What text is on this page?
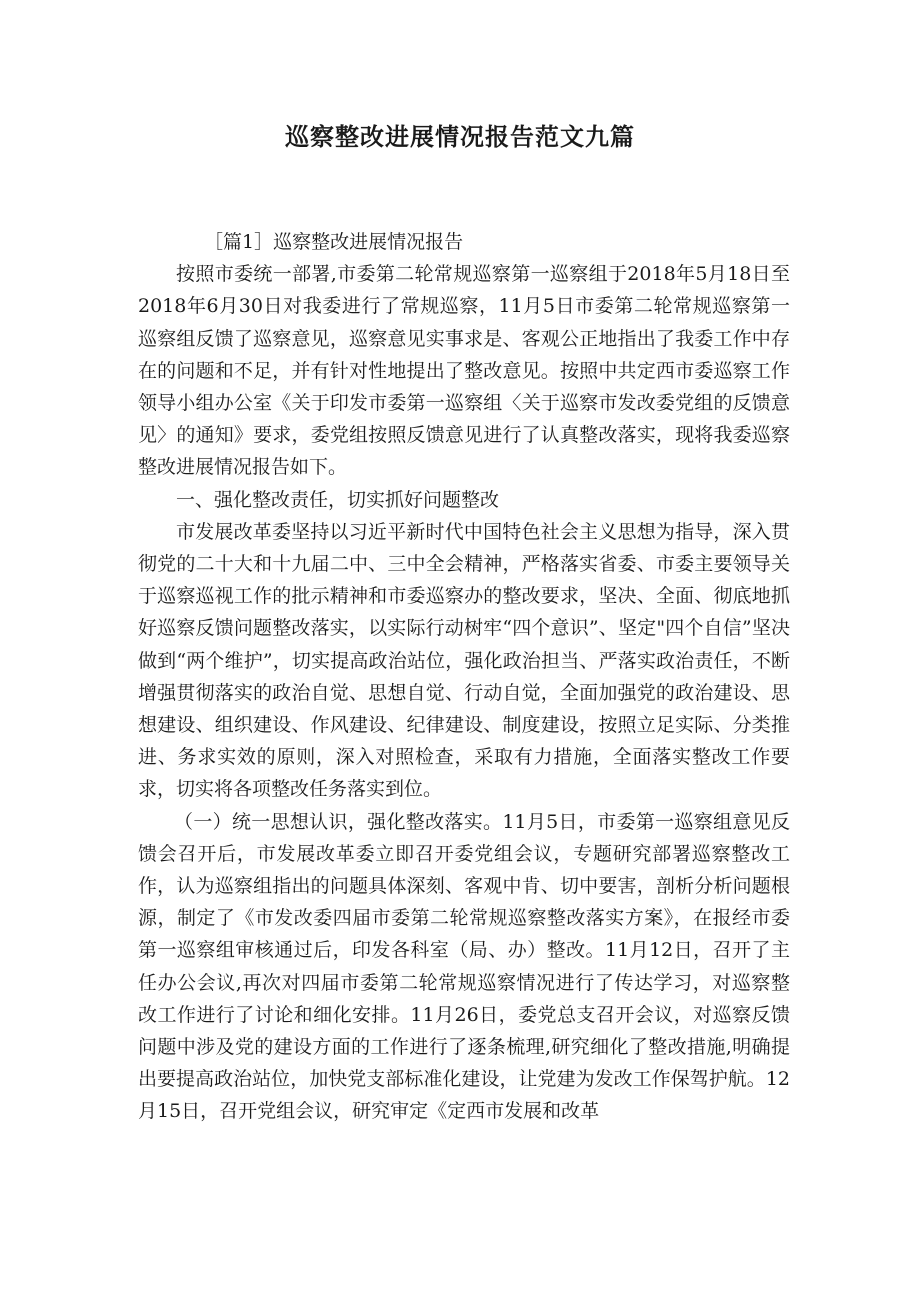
巡察整改进展情况报告范文九篇

［篇1］巡察整改进展情况报告

按照市委统一部署,市委第二轮常规巡察第一巡察组于2018年5月18日至2018年6月30日对我委进行了常规巡察，11月5日市委第二轮常规巡察第一巡察组反馈了巡察意见，巡察意见实事求是、客观公正地指出了我委工作中存在的问题和不足，并有针对性地提出了整改意见。按照中共定西市委巡察工作领导小组办公室《关于印发市委第一巡察组〈关于巡察市发改委党组的反馈意见〉的通知》要求，委党组按照反馈意见进行了认真整改落实，现将我委巡察整改进展情况报告如下。

一、强化整改责任，切实抓好问题整改

市发展改革委坚持以习近平新时代中国特色社会主义思想为指导，深入贯彻党的二十大和十九届二中、三中全会精神，严格落实省委、市委主要领导关于巡察巡视工作的批示精神和市委巡察办的整改要求，坚决、全面、彻底地抓好巡察反馈问题整改落实，以实际行动树牢“四个意识”、坚定"四个自信”坚决做到“两个维护”，切实提高政治站位，强化政治担当、严落实政治责任，不断增强贯彻落实的政治自觉、思想自觉、行动自觉，全面加强党的政治建设、思想建设、组织建设、作风建设、纪律建设、制度建设，按照立足实际、分类推进、务求实效的原则，深入对照检查，采取有力措施，全面落实整改工作要求，切实将各项整改任务落实到位。

（一）统一思想认识，强化整改落实。11月5日，市委第一巡察组意见反馈会召开后，市发展改革委立即召开委党组会议，专题研究部署巡察整改工作，认为巡察组指出的问题具体深刻、客观中肯、切中要害，剖析分析问题根源，制定了《市发改委四届市委第二轮常规巡察整改落实方案》，在报经市委第一巡察组审核通过后，印发各科室（局、办）整改。11月12日，召开了主任办公会议,再次对四届市委第二轮常规巡察情况进行了传达学习，对巡察整改工作进行了讨论和细化安排。11月26日，委党总支召开会议，对巡察反馈问题中涉及党的建设方面的工作进行了逐条梳理,研究细化了整改措施,明确提出要提高政治站位，加快党支部标准化建设，让党建为发改工作保驾护航。12月15日，召开党组会议，研究审定《定西市发展和改革
